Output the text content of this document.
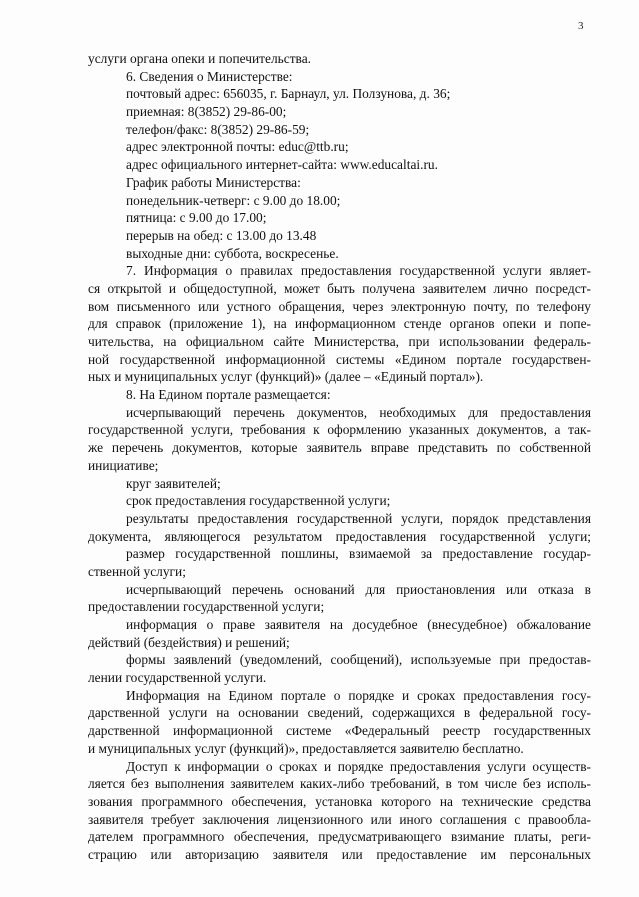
3
услуги органа опеки и попечительства.
6. Сведения о Министерстве:
почтовый адрес: 656035, г. Барнаул, ул. Ползунова, д. 36;
приемная: 8(3852) 29-86-00;
телефон/факс: 8(3852) 29-86-59;
адрес электронной почты: educ@ttb.ru;
адрес официального интернет-сайта: www.educaltai.ru.
График работы Министерства:
понедельник-четверг: с 9.00 до 18.00;
пятница: с 9.00 до 17.00;
перерыв на обед: с 13.00 до 13.48
выходные дни: суббота, воскресенье.
7. Информация о правилах предоставления государственной услуги являет-
ся открытой и общедоступной, может быть получена заявителем лично посредст-
вом письменного или устного обращения, через электронную почту, по телефону
для справок (приложение 1), на информационном стенде органов опеки и попе-
чительства, на официальном сайте Министерства, при использовании федераль-
ной государственной информационной системы «Едином портале государствен-
ных и муниципальных услуг (функций)» (далее – «Единый портал»).
8. На Едином портале размещается:
исчерпывающий перечень документов, необходимых для предоставления
государственной услуги, требования к оформлению указанных документов, а так-
же перечень документов, которые заявитель вправе представить по собственной
инициативе;
круг заявителей;
срок предоставления государственной услуги;
результаты предоставления государственной услуги, порядок представления
документа, являющегося результатом предоставления государственной услуги;
размер государственной пошлины, взимаемой за предоставление государ-
ственной услуги;
исчерпывающий перечень оснований для приостановления или отказа в
предоставлении государственной услуги;
информация о праве заявителя на досудебное (внесудебное) обжалование
действий (бездействия) и решений;
формы заявлений (уведомлений, сообщений), используемые при предостав-
лении государственной услуги.
Информация на Едином портале о порядке и сроках предоставления госу-
дарственной услуги на основании сведений, содержащихся в федеральной госу-
дарственной информационной системе «Федеральный реестр государственных
и муниципальных услуг (функций)», предоставляется заявителю бесплатно.
Доступ к информации о сроках и порядке предоставления услуги осуществ-
ляется без выполнения заявителем каких-либо требований, в том числе без исполь-
зования программного обеспечения, установка которого на технические средства
заявителя требует заключения лицензионного или иного соглашения с правообла-
дателем программного обеспечения, предусматривающего взимание платы, реги-
страцию или авторизацию заявителя или предоставление им персональных
